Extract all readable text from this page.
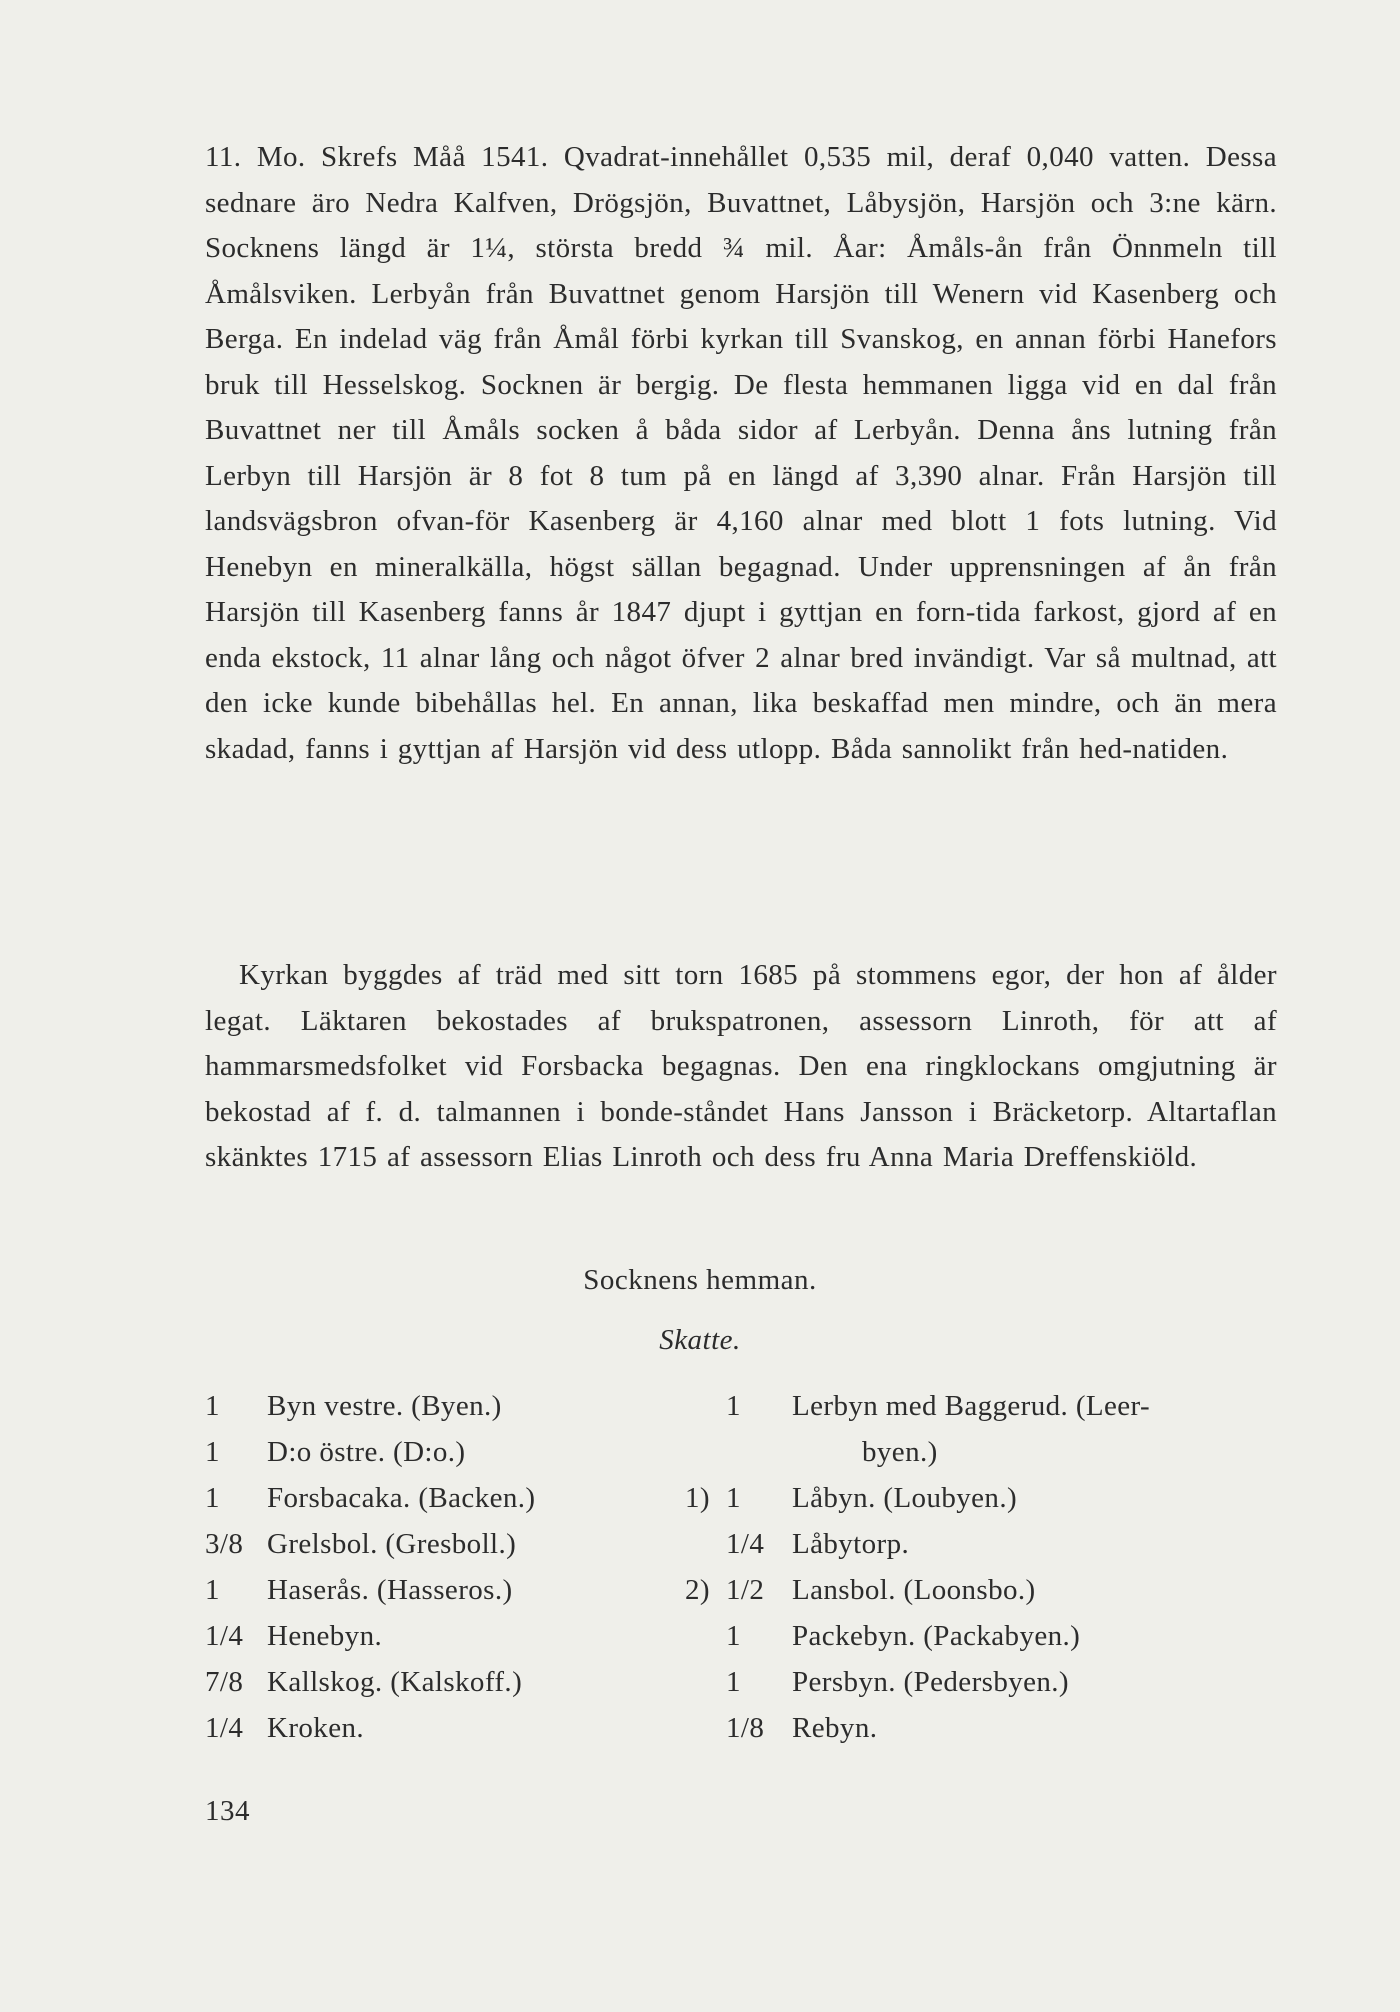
11. Mo. Skrefs Måå 1541. Qvadrat-innehållet 0,535 mil, deraf 0,040 vatten. Dessa sednare äro Nedra Kalfven, Drögsjön, Buvattnet, Låbysjön, Harsjön och 3:ne kärn. Socknens längd är 1¼, största bredd ¾ mil. Åar: Åmåls-ån från Önnmeln till Åmålsviken. Lerbyån från Buvattnet genom Harsjön till Wenern vid Kasenberg och Berga. En indelad väg från Åmål förbi kyrkan till Svanskog, en annan förbi Hanefors bruk till Hesselskog. Socknen är bergig. De flesta hemmanen ligga vid en dal från Buvattnet ner till Åmåls socken å båda sidor af Lerbyån. Denna åns lutning från Lerbyn till Harsjön är 8 fot 8 tum på en längd af 3,390 alnar. Från Harsjön till landsvägsbron ofvan-för Kasenberg är 4,160 alnar med blott 1 fots lutning. Vid Henebyn en mineralkälla, högst sällan begagnad. Under upprensningen af ån från Harsjön till Kasenberg fanns år 1847 djupt i gyttjan en forn-tida farkost, gjord af en enda ekstock, 11 alnar lång och något öfver 2 alnar bred invändigt. Var så multnad, att den icke kunde bibehållas hel. En annan, lika beskaffad men mindre, och än mera skadad, fanns i gyttjan af Harsjön vid dess utlopp. Båda sannolikt från hed-natiden.

Kyrkan byggdes af träd med sitt torn 1685 på stommens egor, der hon af ålder legat. Läktaren bekostades af brukspatronen, assessorn Linroth, för att af hammarsmedsfolket vid Forsbacka begagnas. Den ena ringklockans omgjutning är bekostad af f. d. talmannen i bonde-ståndet Hans Jansson i Bräcketorp. Altartaflan skänktes 1715 af assessorn Elias Linroth och dess fru Anna Maria Dreffenskiöld.

Socknens hemman.
Skatte.
1 Byn vestre. (Byen.)
1 D:o östre. (D:o.)
1 Forsbacaka. (Backen.)
3/8 Grelsbol. (Gresboll.)
1 Haserås. (Hasseros.)
1/4 Henebyn.
7/8 Kallskog. (Kalskoff.)
1/4 Kroken.
1 Lerbyn med Baggerud. (Leer-
byen.)
1) 1 Låbyn. (Loubyen.)
1/4 Låbytorp.
2) 1/2 Lansbol. (Loonsbo.)
1 Packebyn. (Packabyen.)
1 Persbyn. (Pedersbyen.)
1/8 Rebyn.
134
